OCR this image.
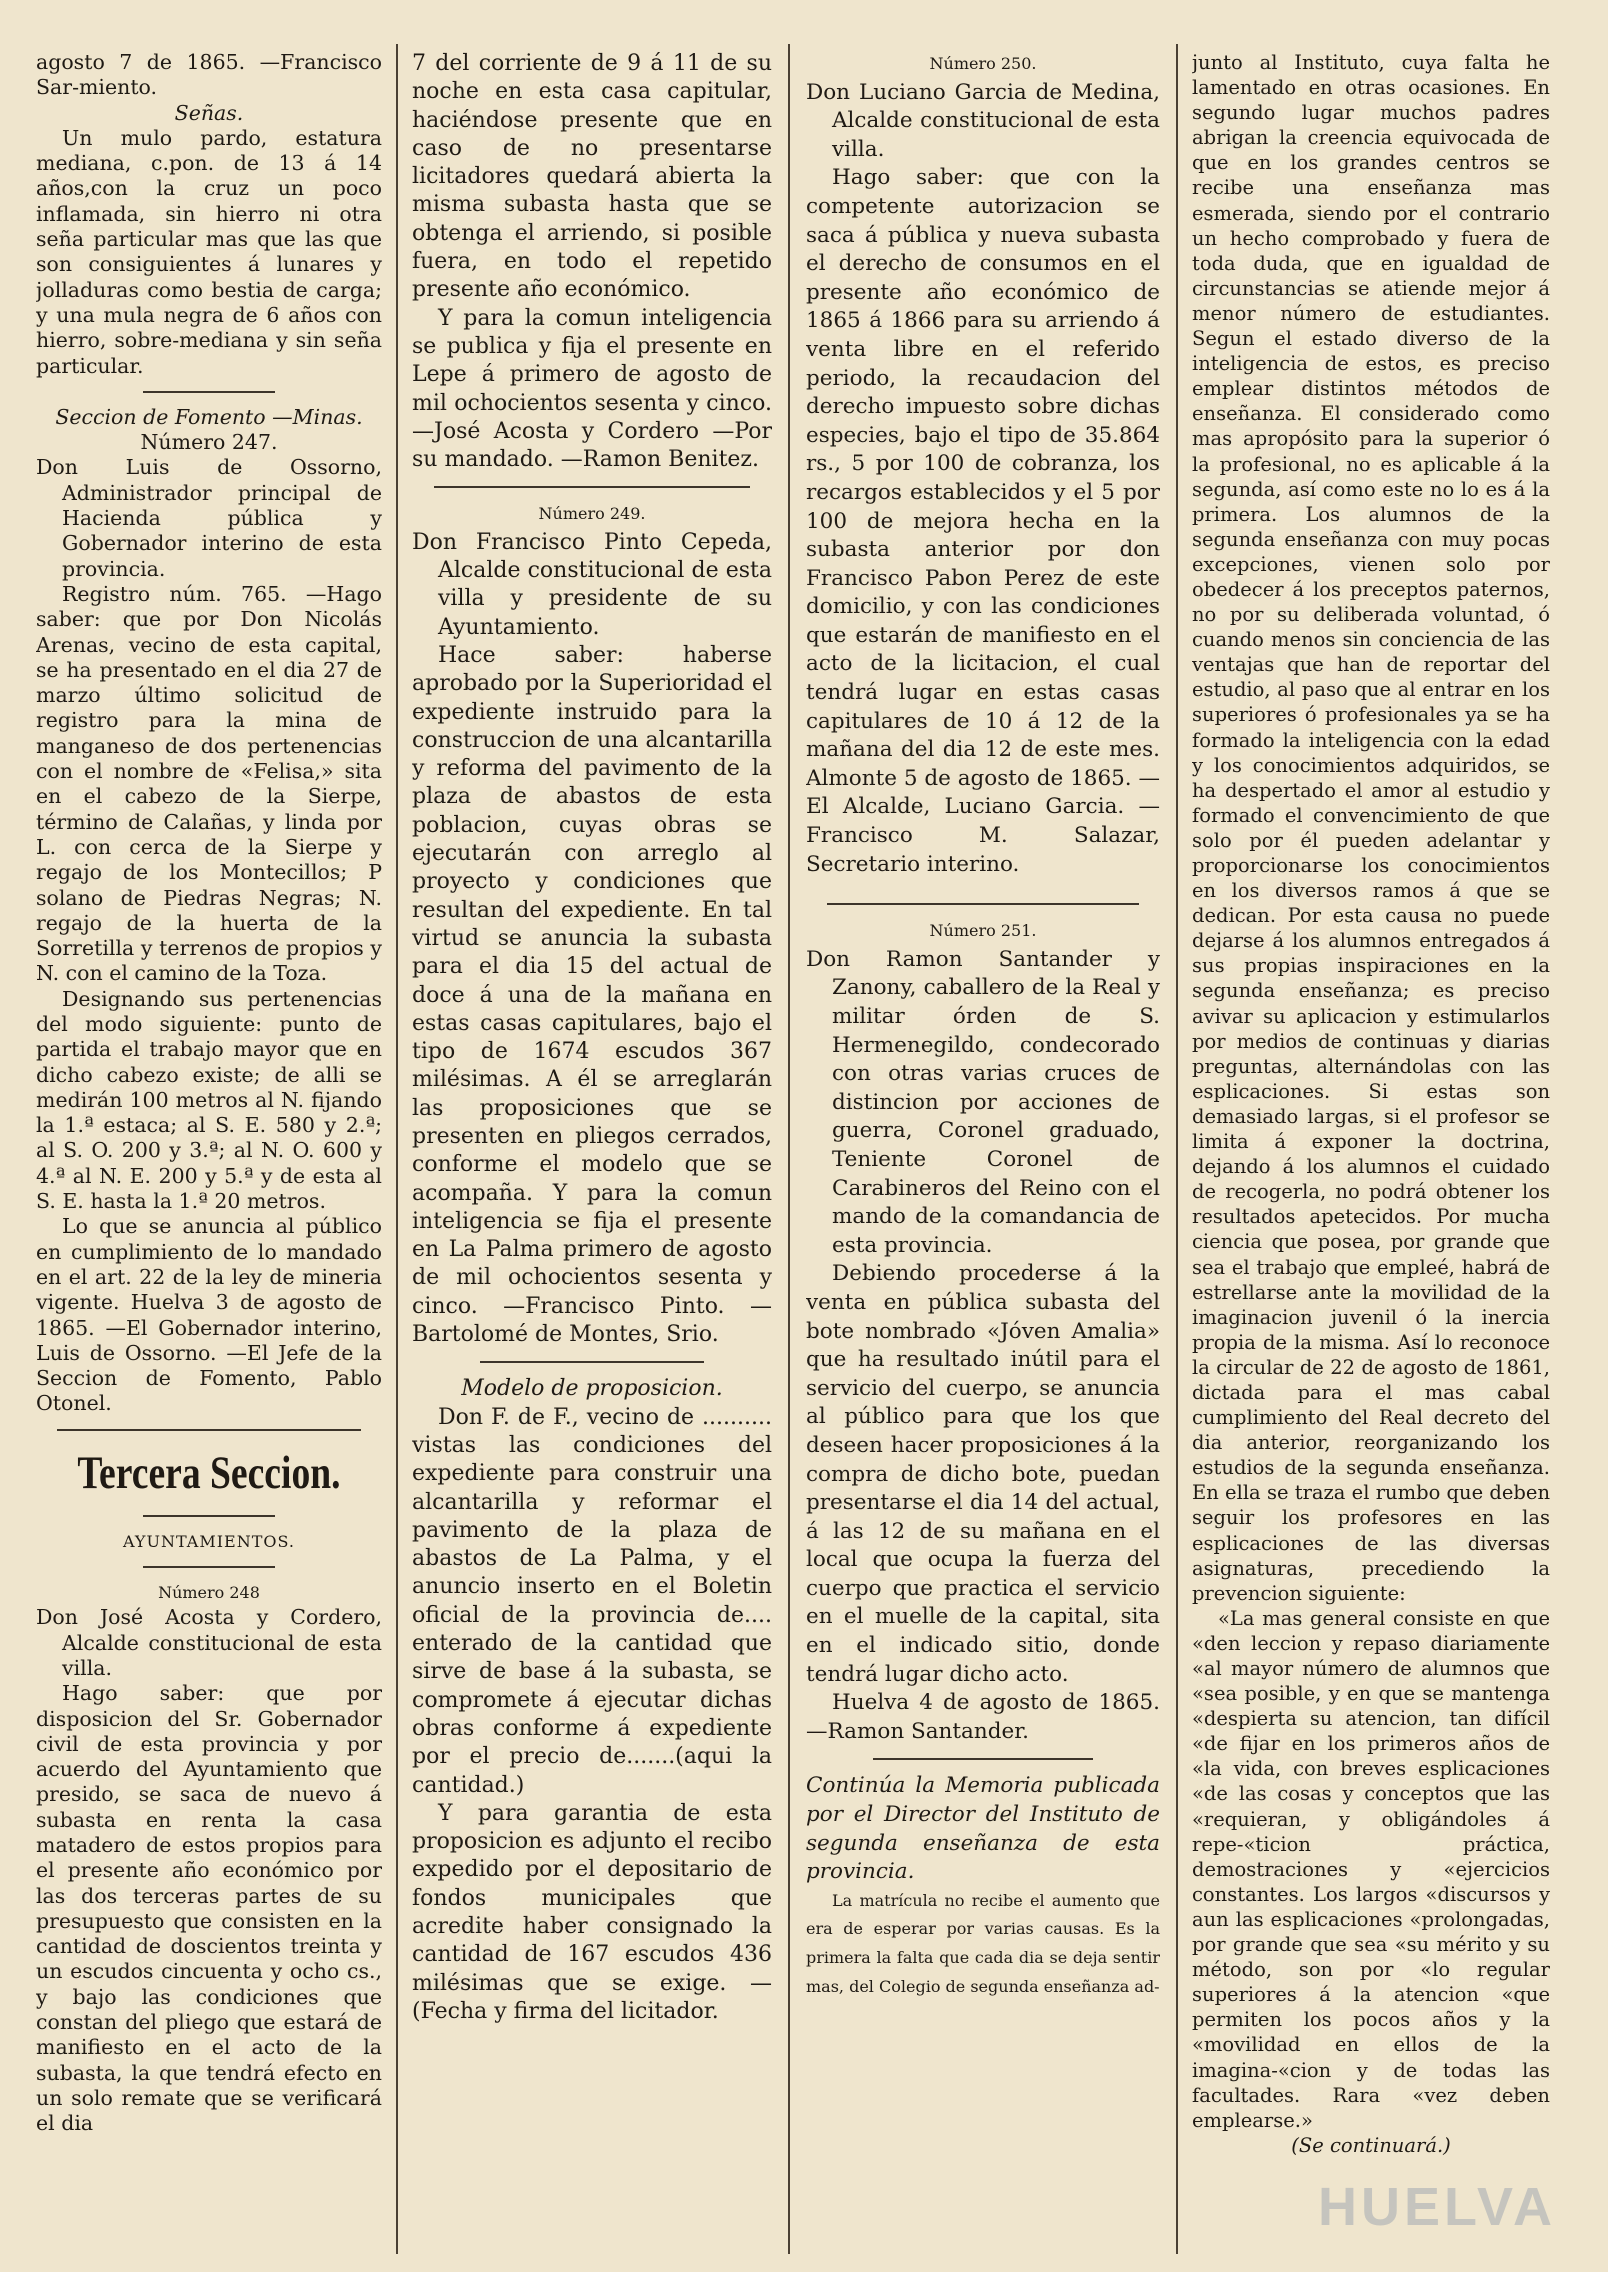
agosto 7 de 1865. —Francisco Sar-miento.

Señas.

Un mulo pardo, estatura mediana, c.pon. de 13 á 14 años,con la cruz un poco inflamada, sin hierro ni otra seña particular mas que las que son consiguientes á lunares y jolladuras como bestia de carga; y una mula negra de 6 años con hierro, sobre-mediana y sin seña particular.

Seccion de Fomento —Minas.

Número 247.

Don Luis de Ossorno, Administrador principal de Hacienda pública y Gobernador interino de esta provincia.

Registro núm. 765. —Hago saber: que por Don Nicolás Arenas, vecino de esta capital, se ha presentado en el dia 27 de marzo último solicitud de registro para la mina de manganeso de dos pertenencias con el nombre de «Felisa,» sita en el cabezo de la Sierpe, término de Calañas, y linda por L. con cerca de la Sierpe y regajo de los Montecillos; P solano de Piedras Negras; N. regajo de la huerta de la Sorretilla y terrenos de propios y N. con el camino de la Toza.

Designando sus pertenencias del modo siguiente: punto de partida el trabajo mayor que en dicho cabezo existe; de alli se medirán 100 metros al N. fijando la 1.ª estaca; al S. E. 580 y 2.ª; al S. O. 200 y 3.ª; al N. O. 600 y 4.ª al N. E. 200 y 5.ª y de esta al S. E. hasta la 1.ª 20 metros.

Lo que se anuncia al público en cumplimiento de lo mandado en el art. 22 de la ley de mineria vigente. Huelva 3 de agosto de 1865. —El Gobernador interino, Luis de Ossorno. —El Jefe de la Seccion de Fomento, Pablo Otonel.

Tercera Seccion.

AYUNTAMIENTOS.

Número 248

Don José Acosta y Cordero, Alcalde constitucional de esta villa.

Hago saber: que por disposicion del Sr. Gobernador civil de esta provincia y por acuerdo del Ayuntamiento que presido, se saca de nuevo á subasta en renta la casa matadero de estos propios para el presente año económico por las dos terceras partes de su presupuesto que consisten en la cantidad de doscientos treinta y un escudos cincuenta y ocho cs., y bajo las condiciones que constan del pliego que estará de manifiesto en el acto de la subasta, la que tendrá efecto en un solo remate que se verificará el dia

7 del corriente de 9 á 11 de su noche en esta casa capitular, haciéndose presente que en caso de no presentarse licitadores quedará abierta la misma subasta hasta que se obtenga el arriendo, si posible fuera, en todo el repetido presente año económico.

Y para la comun inteligencia se publica y fija el presente en Lepe á primero de agosto de mil ochocientos sesenta y cinco. —José Acosta y Cordero —Por su mandado. —Ramon Benitez.

Número 249.

Don Francisco Pinto Cepeda, Alcalde constitucional de esta villa y presidente de su Ayuntamiento.

Hace saber: haberse aprobado por la Superioridad el expediente instruido para la construccion de una alcantarilla y reforma del pavimento de la plaza de abastos de esta poblacion, cuyas obras se ejecutarán con arreglo al proyecto y condiciones que resultan del expediente. En tal virtud se anuncia la subasta para el dia 15 del actual de doce á una de la mañana en estas casas capitulares, bajo el tipo de 1674 escudos 367 milésimas. A él se arreglarán las proposiciones que se presenten en pliegos cerrados, conforme el modelo que se acompaña. Y para la comun inteligencia se fija el presente en La Palma primero de agosto de mil ochocientos sesenta y cinco. —Francisco Pinto. —Bartolomé de Montes, Srio.

Modelo de proposicion.

Don F. de F., vecino de .......... vistas las condiciones del expediente para construir una alcantarilla y reformar el pavimento de la plaza de abastos de La Palma, y el anuncio inserto en el Boletin oficial de la provincia de.... enterado de la cantidad que sirve de base á la subasta, se compromete á ejecutar dichas obras conforme á expediente por el precio de.......(aqui la cantidad.)

Y para garantia de esta proposicion es adjunto el recibo expedido por el depositario de fondos municipales que acredite haber consignado la cantidad de 167 escudos 436 milésimas que se exige. —(Fecha y firma del licitador.

Número 250.

Don Luciano Garcia de Medina, Alcalde constitucional de esta villa.

Hago saber: que con la competente autorizacion se saca á pública y nueva subasta el derecho de consumos en el presente año económico de 1865 á 1866 para su arriendo á venta libre en el referido periodo, la recaudacion del derecho impuesto sobre dichas especies, bajo el tipo de 35.864 rs., 5 por 100 de cobranza, los recargos establecidos y el 5 por 100 de mejora hecha en la subasta anterior por don Francisco Pabon Perez de este domicilio, y con las condiciones que estarán de manifiesto en el acto de la licitacion, el cual tendrá lugar en estas casas capitulares de 10 á 12 de la mañana del dia 12 de este mes. Almonte 5 de agosto de 1865. —El Alcalde, Luciano Garcia. —Francisco M. Salazar, Secretario interino.

Número 251.

Don Ramon Santander y Zanony, caballero de la Real y militar órden de S. Hermenegildo, condecorado con otras varias cruces de distincion por acciones de guerra, Coronel graduado, Teniente Coronel de Carabineros del Reino con el mando de la comandancia de esta provincia.

Debiendo procederse á la venta en pública subasta del bote nombrado «Jóven Amalia» que ha resultado inútil para el servicio del cuerpo, se anuncia al público para que los que deseen hacer proposiciones á la compra de dicho bote, puedan presentarse el dia 14 del actual, á las 12 de su mañana en el local que ocupa la fuerza del cuerpo que practica el servicio en el muelle de la capital, sita en el indicado sitio, donde tendrá lugar dicho acto.

Huelva 4 de agosto de 1865. —Ramon Santander.

Continúa la Memoria publicada por el Director del Instituto de segunda enseñanza de esta provincia.

La matrícula no recibe el aumento que era de esperar por varias causas. Es la primera la falta que cada dia se deja sentir mas, del Colegio de segunda enseñanza ad-

junto al Instituto, cuya falta he lamentado en otras ocasiones. En segundo lugar muchos padres abrigan la creencia equivocada de que en los grandes centros se recibe una enseñanza mas esmerada, siendo por el contrario un hecho comprobado y fuera de toda duda, que en igualdad de circunstancias se atiende mejor á menor número de estudiantes. Segun el estado diverso de la inteligencia de estos, es preciso emplear distintos métodos de enseñanza. El considerado como mas apropósito para la superior ó la profesional, no es aplicable á la segunda, así como este no lo es á la primera. Los alumnos de la segunda enseñanza con muy pocas excepciones, vienen solo por obedecer á los preceptos paternos, no por su deliberada voluntad, ó cuando menos sin conciencia de las ventajas que han de reportar del estudio, al paso que al entrar en los superiores ó profesionales ya se ha formado la inteligencia con la edad y los conocimientos adquiridos, se ha despertado el amor al estudio y formado el convencimiento de que solo por él pueden adelantar y proporcionarse los conocimientos en los diversos ramos á que se dedican. Por esta causa no puede dejarse á los alumnos entregados á sus propias inspiraciones en la segunda enseñanza; es preciso avivar su aplicacion y estimularlos por medios de continuas y diarias preguntas, alternándolas con las esplicaciones. Si estas son demasiado largas, si el profesor se limita á exponer la doctrina, dejando á los alumnos el cuidado de recogerla, no podrá obtener los resultados apetecidos. Por mucha ciencia que posea, por grande que sea el trabajo que empleé, habrá de estrellarse ante la movilidad de la imaginacion juvenil ó la inercia propia de la misma. Así lo reconoce la circular de 22 de agosto de 1861, dictada para el mas cabal cumplimiento del Real decreto del dia anterior, reorganizando los estudios de la segunda enseñanza. En ella se traza el rumbo que deben seguir los profesores en las esplicaciones de las diversas asignaturas, precediendo la prevencion siguiente:

«La mas general consiste en que «den leccion y repaso diariamente «al mayor número de alumnos que «sea posible, y en que se mantenga «despierta su atencion, tan difícil «de fijar en los primeros años de «la vida, con breves esplicaciones «de las cosas y conceptos que las «requieran, y obligándoles á repe-«ticion práctica, demostraciones y «ejercicios constantes. Los largos «discursos y aun las esplicaciones «prolongadas, por grande que sea «su mérito y su método, son por «lo regular superiores á la atencion «que permiten los pocos años y la «movilidad en ellos de la imagina-«cion y de todas las facultades. Rara «vez deben emplearse.»

(Se continuará.)

HUELVA
